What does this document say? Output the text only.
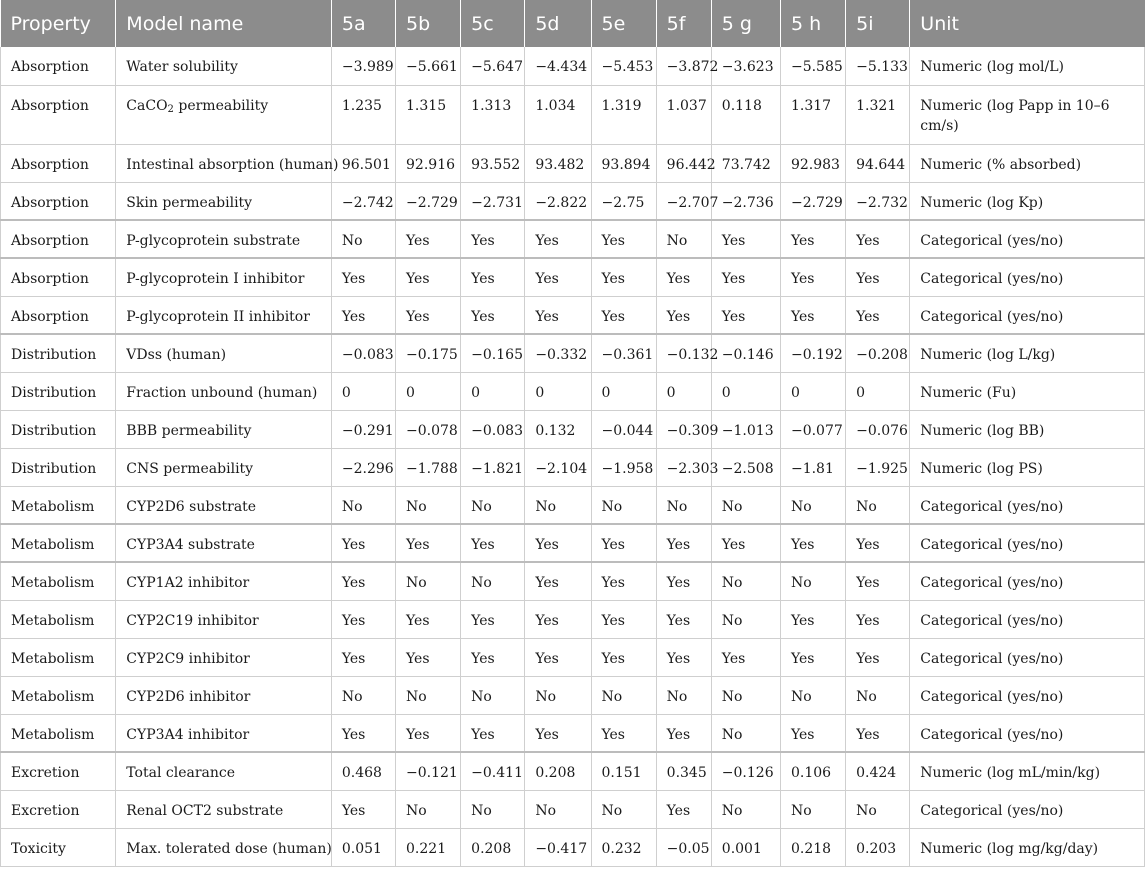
Property	Model name	5a	5b	5c	5d	5e	5f	5 g	5 h	5i	Unit
Absorption	Water solubility	−3.989	−5.661	−5.647	−4.434	−5.453	−3.872	−3.623	−5.585	−5.133	Numeric (log mol/L)
Absorption	CaCO$_2$ permeability	1.235	1.315	1.313	1.034	1.319	1.037	0.118	1.317	1.321	Numeric (log Papp in 10–6 cm/s)
Absorption	Intestinal absorption (human)	96.501	92.916	93.552	93.482	93.894	96.442	73.742	92.983	94.644	Numeric (% absorbed)
Absorption	Skin permeability	−2.742	−2.729	−2.731	−2.822	−2.75	−2.707	−2.736	−2.729	−2.732	Numeric (log Kp)
Absorption	P-glycoprotein substrate	No	Yes	Yes	Yes	Yes	No	Yes	Yes	Yes	Categorical (yes/no)
Absorption	P-glycoprotein I inhibitor	Yes	Yes	Yes	Yes	Yes	Yes	Yes	Yes	Yes	Categorical (yes/no)
Absorption	P-glycoprotein II inhibitor	Yes	Yes	Yes	Yes	Yes	Yes	Yes	Yes	Yes	Categorical (yes/no)
Distribution	VDss (human)	−0.083	−0.175	−0.165	−0.332	−0.361	−0.132	−0.146	−0.192	−0.208	Numeric (log L/kg)
Distribution	Fraction unbound (human)	0	0	0	0	0	0	0	0	0	Numeric (Fu)
Distribution	BBB permeability	−0.291	−0.078	−0.083	0.132	−0.044	−0.309	−1.013	−0.077	−0.076	Numeric (log BB)
Distribution	CNS permeability	−2.296	−1.788	−1.821	−2.104	−1.958	−2.303	−2.508	−1.81	−1.925	Numeric (log PS)
Metabolism	CYP2D6 substrate	No	No	No	No	No	No	No	No	No	Categorical (yes/no)
Metabolism	CYP3A4 substrate	Yes	Yes	Yes	Yes	Yes	Yes	Yes	Yes	Yes	Categorical (yes/no)
Metabolism	CYP1A2 inhibitor	Yes	No	No	Yes	Yes	Yes	No	No	Yes	Categorical (yes/no)
Metabolism	CYP2C19 inhibitor	Yes	Yes	Yes	Yes	Yes	Yes	No	Yes	Yes	Categorical (yes/no)
Metabolism	CYP2C9 inhibitor	Yes	Yes	Yes	Yes	Yes	Yes	Yes	Yes	Yes	Categorical (yes/no)
Metabolism	CYP2D6 inhibitor	No	No	No	No	No	No	No	No	No	Categorical (yes/no)
Metabolism	CYP3A4 inhibitor	Yes	Yes	Yes	Yes	Yes	Yes	No	Yes	Yes	Categorical (yes/no)
Excretion	Total clearance	0.468	−0.121	−0.411	0.208	0.151	0.345	−0.126	0.106	0.424	Numeric (log mL/min/kg)
Excretion	Renal OCT2 substrate	Yes	No	No	No	No	Yes	No	No	No	Categorical (yes/no)
Toxicity	Max. tolerated dose (human)	0.051	0.221	0.208	−0.417	0.232	−0.05	0.001	0.218	0.203	Numeric (log mg/kg/day)
